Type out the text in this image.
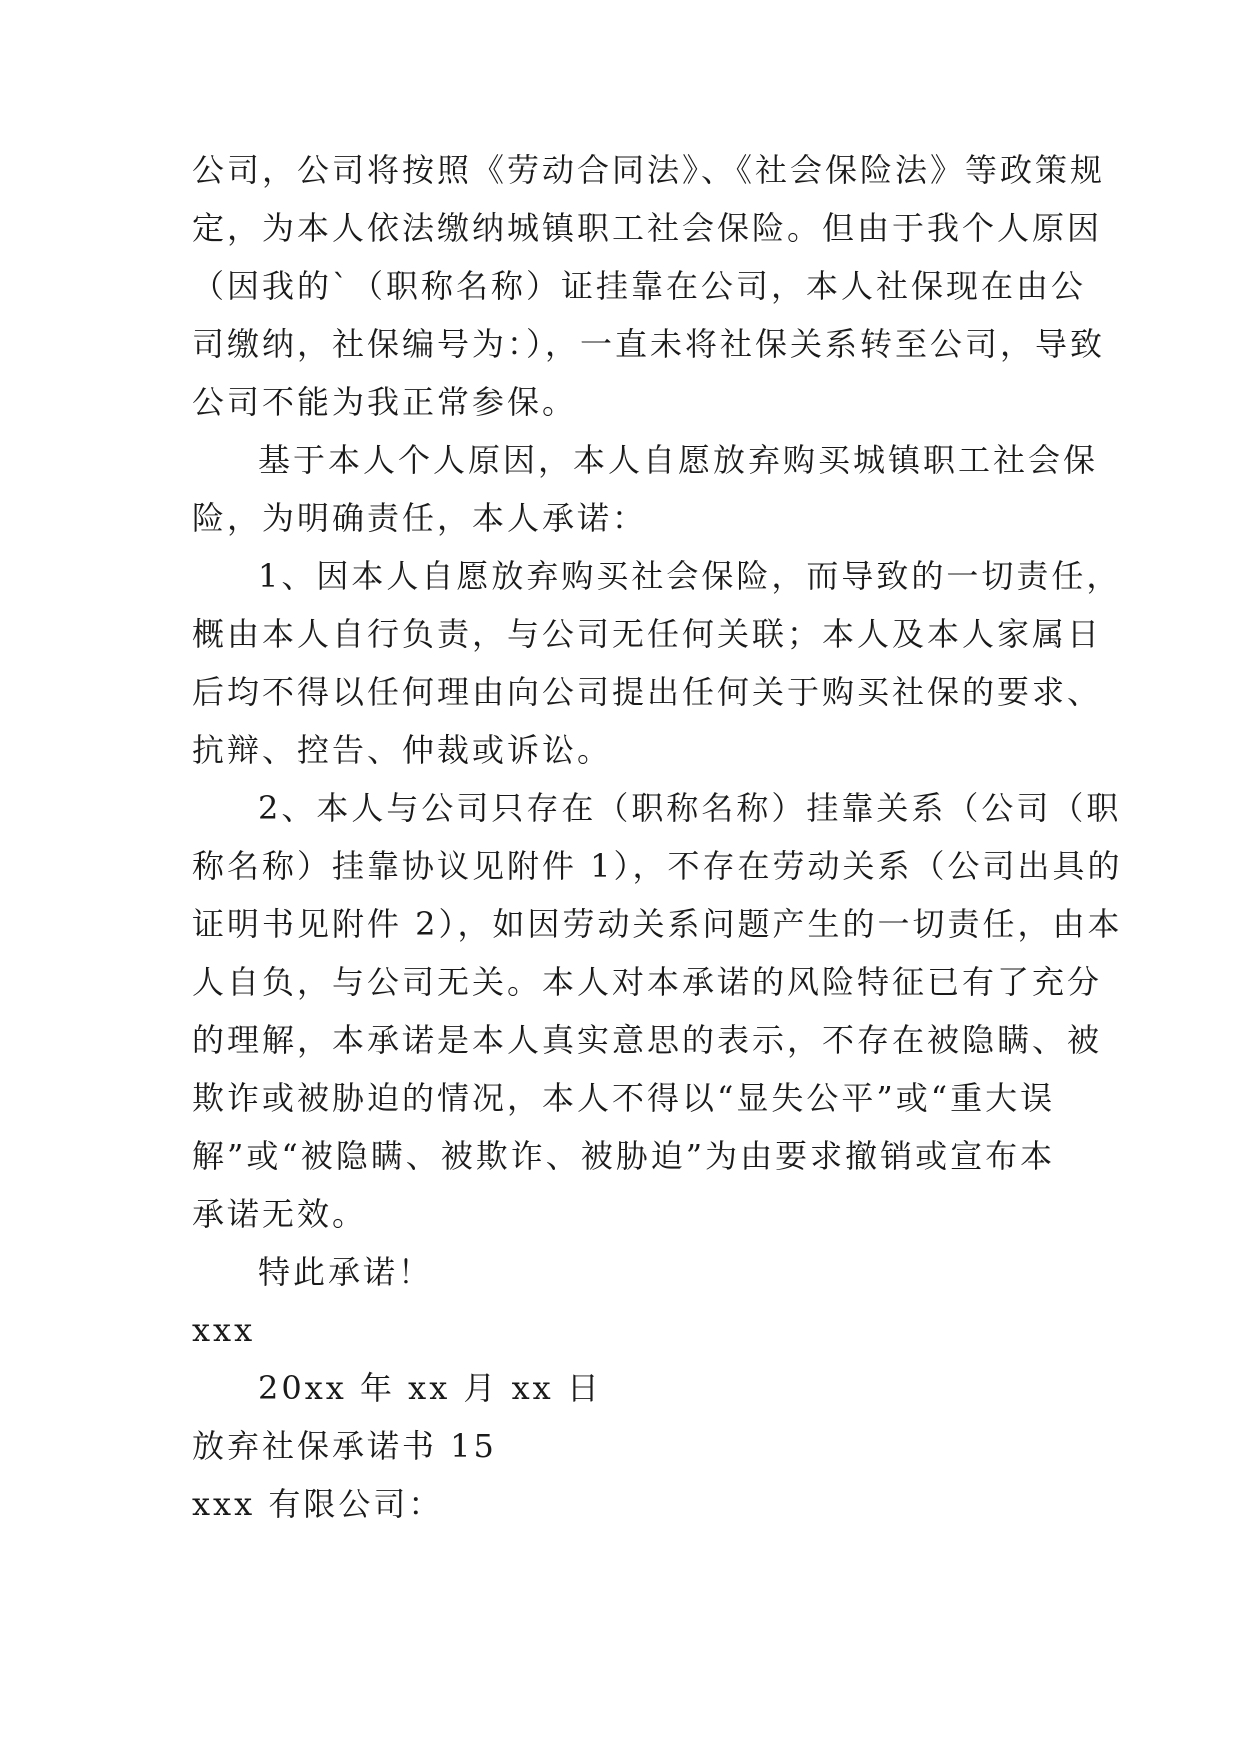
公司，公司将按照《劳动合同法》、《社会保险法》等政策规
定，为本人依法缴纳城镇职工社会保险。但由于我个人原因
（因我的`（职称名称）证挂靠在公司，本人社保现在由公
司缴纳，社保编号为：），一直未将社保关系转至公司，导致
公司不能为我正常参保。
基于本人个人原因，本人自愿放弃购买城镇职工社会保
险，为明确责任，本人承诺：
1、因本人自愿放弃购买社会保险，而导致的一切责任，
概由本人自行负责，与公司无任何关联；本人及本人家属日
后均不得以任何理由向公司提出任何关于购买社保的要求、
抗辩、控告、仲裁或诉讼。
2、本人与公司只存在（职称名称）挂靠关系（公司（职
称名称）挂靠协议见附件 1），不存在劳动关系（公司出具的
证明书见附件 2），如因劳动关系问题产生的一切责任，由本
人自负，与公司无关。本人对本承诺的风险特征已有了充分
的理解，本承诺是本人真实意思的表示，不存在被隐瞒、被
欺诈或被胁迫的情况，本人不得以“显失公平”或“重大误
解”或“被隐瞒、被欺诈、被胁迫”为由要求撤销或宣布本
承诺无效。
特此承诺！
xxx
20xx 年 xx 月 xx 日
放弃社保承诺书 15
xxx 有限公司：
